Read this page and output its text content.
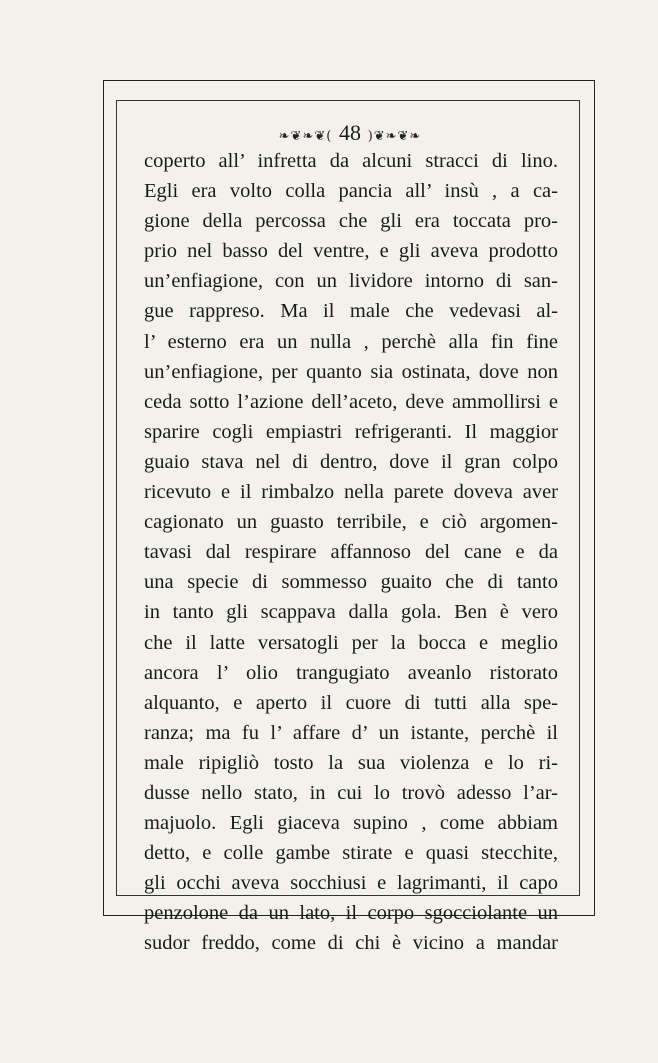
❧❦❧❦( 48 )❦❧❦❧
coperto all’ infretta da alcuni stracci di lino.
Egli era volto colla pancia all’ insù , a ca-
gione della percossa che gli era toccata pro-
prio nel basso del ventre, e gli aveva prodotto
un’enfiagione, con un lividore intorno di san-
gue rappreso. Ma il male che vedevasi al-
l’ esterno era un nulla , perchè alla fin fine
un’enfiagione, per quanto sia ostinata, dove non
ceda sotto l’azione dell’aceto, deve ammollirsi e
sparire cogli empiastri refrigeranti. Il maggior
guaio stava nel di dentro, dove il gran colpo
ricevuto e il rimbalzo nella parete doveva aver
cagionato un guasto terribile, e ciò argomen-
tavasi dal respirare affannoso del cane e da
una specie di sommesso guaito che di tanto
in tanto gli scappava dalla gola. Ben è vero
che il latte versatogli per la bocca e meglio
ancora l’ olio trangugiato aveanlo ristorato
alquanto, e aperto il cuore di tutti alla spe-
ranza; ma fu l’ affare d’ un istante, perchè il
male ripigliò tosto la sua violenza e lo ri-
dusse nello stato, in cui lo trovò adesso l’ar-
majuolo. Egli giaceva supino , come abbiam
detto, e colle gambe stirate e quasi stecchite,
gli occhi aveva socchiusi e lagrimanti, il capo
penzolone da un lato, il corpo sgocciolante un
sudor freddo, come di chi è vicino a mandar
